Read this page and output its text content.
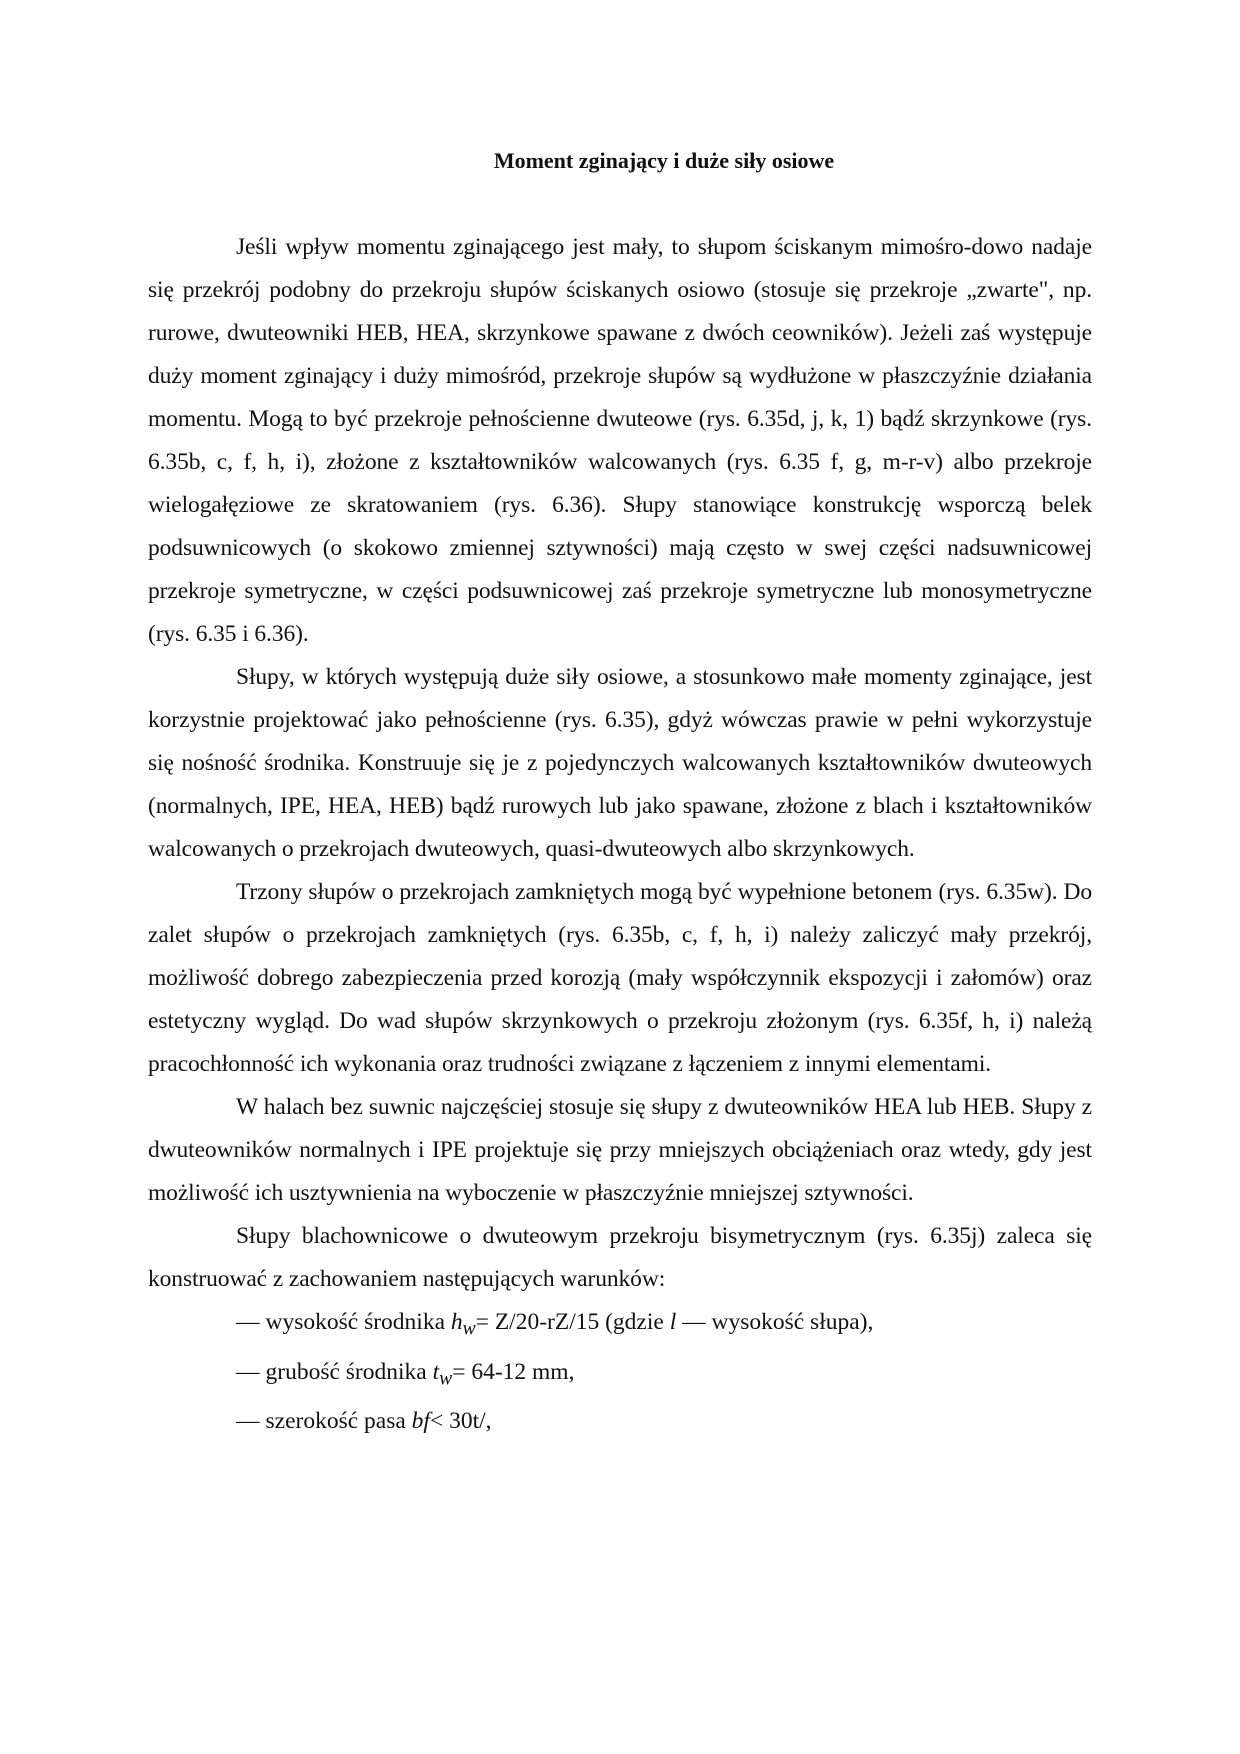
Moment zginający i duże siły osiowe

Jeśli wpływ momentu zginającego jest mały, to słupom ściskanym mimośro-dowo nadaje się przekrój podobny do przekroju słupów ściskanych osiowo (stosuje się przekroje „zwarte", np. rurowe, dwuteowniki HEB, HEA, skrzynkowe spawane z dwóch ceowników). Jeżeli zaś występuje duży moment zginający i duży mimośród, przekroje słupów są wydłużone w płaszczyźnie działania momentu. Mogą to być przekroje pełnościenne dwuteowe (rys. 6.35d, j, k, 1) bądź skrzynkowe (rys. 6.35b, c, f, h, i), złożone z kształtowników walcowanych (rys. 6.35 f, g, m-r-v) albo przekroje wielogałęziowe ze skratowaniem (rys. 6.36). Słupy stanowiące konstrukcję wsporczą belek podsuwnicowych (o skokowo zmiennej sztywności) mają często w swej części nadsuwnicowej przekroje symetryczne, w części podsuwnicowej zaś przekroje symetryczne lub monosymetryczne (rys. 6.35 i 6.36).

Słupy, w których występują duże siły osiowe, a stosunkowo małe momenty zginające, jest korzystnie projektować jako pełnościenne (rys. 6.35), gdyż wówczas prawie w pełni wykorzystuje się nośność środnika. Konstruuje się je z pojedynczych walcowanych kształtowników dwuteowych (normalnych, IPE, HEA, HEB) bądź rurowych lub jako spawane, złożone z blach i kształtowników walcowanych o przekrojach dwuteowych, quasi-dwuteowych albo skrzynkowych.

Trzony słupów o przekrojach zamkniętych mogą być wypełnione betonem (rys. 6.35w). Do zalet słupów o przekrojach zamkniętych (rys. 6.35b, c, f, h, i) należy zaliczyć mały przekrój, możliwość dobrego zabezpieczenia przed korozją (mały współczynnik ekspozycji i załomów) oraz estetyczny wygląd. Do wad słupów skrzynkowych o przekroju złożonym (rys. 6.35f, h, i) należą pracochłonność ich wykonania oraz trudności związane z łączeniem z innymi elementami.

W halach bez suwnic najczęściej stosuje się słupy z dwuteowników HEA lub HEB. Słupy z dwuteowników normalnych i IPE projektuje się przy mniejszych obciążeniach oraz wtedy, gdy jest możliwość ich usztywnienia na wyboczenie w płaszczyźnie mniejszej sztywności.

Słupy blachownicowe o dwuteowym przekroju bisymetrycznym (rys. 6.35j) zaleca się konstruować z zachowaniem następujących warunków:

— wysokość środnika $h_w= Z/20-rZ/15$ (gdzie l — wysokość słupa),
— grubość środnika $t_w= 64-12$ mm,
— szerokość pasa bf< 30t/,
